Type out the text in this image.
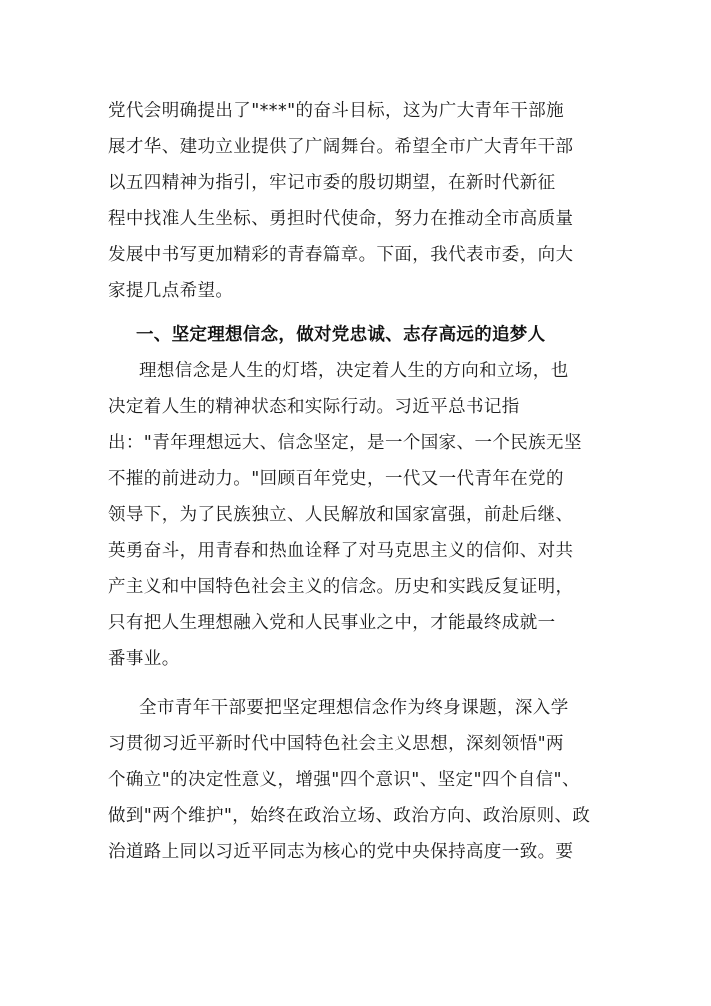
党代会明确提出了"***"的奋斗目标，这为广大青年干部施
展才华、建功立业提供了广阔舞台。希望全市广大青年干部
以五四精神为指引，牢记市委的殷切期望，在新时代新征
程中找准人生坐标、勇担时代使命，努力在推动全市高质量
发展中书写更加精彩的青春篇章。下面，我代表市委，向大
家提几点希望。
一、坚定理想信念，做对党忠诚、志存高远的追梦人
理想信念是人生的灯塔，决定着人生的方向和立场，也
决定着人生的精神状态和实际行动。习近平总书记指
出："青年理想远大、信念坚定，是一个国家、一个民族无坚
不摧的前进动力。"回顾百年党史，一代又一代青年在党的
领导下，为了民族独立、人民解放和国家富强，前赴后继、
英勇奋斗，用青春和热血诠释了对马克思主义的信仰、对共
产主义和中国特色社会主义的信念。历史和实践反复证明，
只有把人生理想融入党和人民事业之中，才能最终成就一
番事业。
全市青年干部要把坚定理想信念作为终身课题，深入学
习贯彻习近平新时代中国特色社会主义思想，深刻领悟"两
个确立"的决定性意义，增强"四个意识"、坚定"四个自信"、
做到"两个维护"，始终在政治立场、政治方向、政治原则、政
治道路上同以习近平同志为核心的党中央保持高度一致。要
